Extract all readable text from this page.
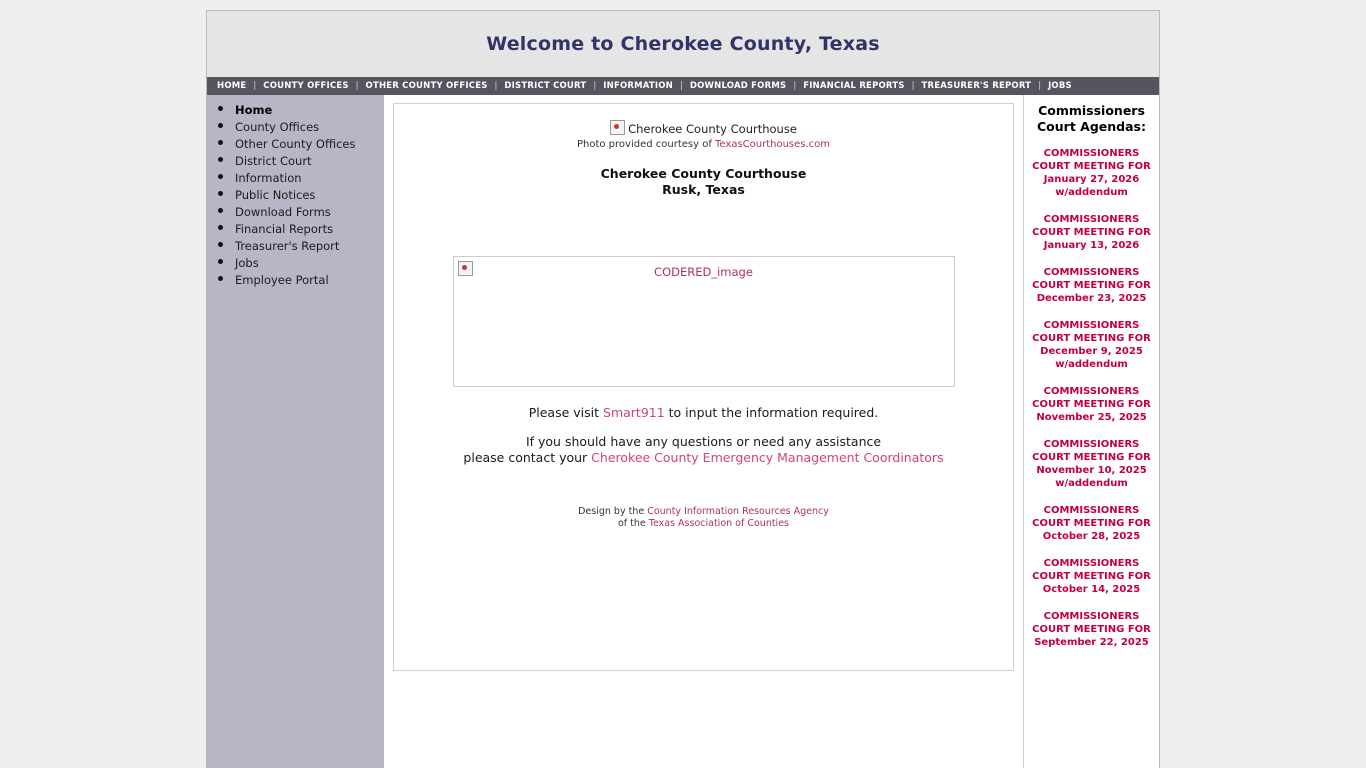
Welcome to Cherokee County, Texas
HOME | COUNTY OFFICES | OTHER COUNTY OFFICES | DISTRICT COURT | INFORMATION | DOWNLOAD FORMS | FINANCIAL REPORTS | TREASURER'S REPORT | JOBS
• Home
• County Offices
• Other County Offices
• District Court
• Information
• Public Notices
• Download Forms
• Financial Reports
• Treasurer's Report
• Jobs
• Employee Portal
Cherokee County Courthouse
Photo provided courtesy of TexasCourthouses.com
Cherokee County Courthouse
Rusk, Texas
CODERED_image
Please visit Smart911 to input the information required.
If you should have any questions or need any assistance
please contact your Cherokee County Emergency Management Coordinators
Design by the County Information Resources Agency
of the Texas Association of Counties
Commissioners
Court Agendas:
COMMISSIONERS COURT MEETING FOR January 27, 2026 w/addendum
COMMISSIONERS COURT MEETING FOR January 13, 2026
COMMISSIONERS COURT MEETING FOR December 23, 2025
COMMISSIONERS COURT MEETING FOR December 9, 2025 w/addendum
COMMISSIONERS COURT MEETING FOR November 25, 2025
COMMISSIONERS COURT MEETING FOR November 10, 2025 w/addendum
COMMISSIONERS COURT MEETING FOR October 28, 2025
COMMISSIONERS COURT MEETING FOR October 14, 2025
COMMISSIONERS COURT MEETING FOR September 22, 2025
